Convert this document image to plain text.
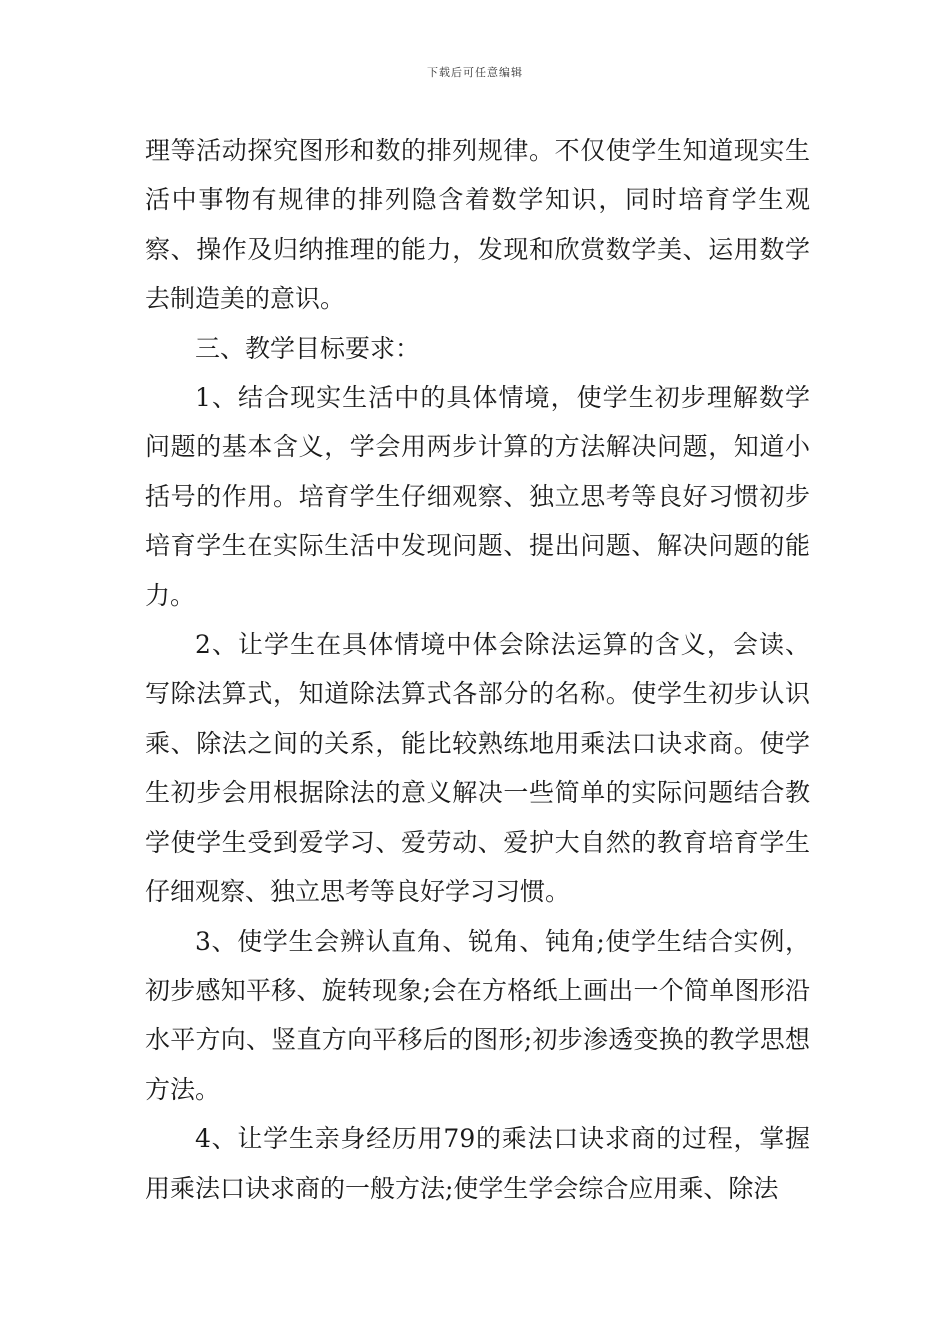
下载后可任意编辑

理等活动探究图形和数的排列规律。不仅使学生知道现实生活中事物有规律的排列隐含着数学知识，同时培育学生观察、操作及归纳推理的能力，发现和欣赏数学美、运用数学去制造美的意识。

三、教学目标要求：

1、结合现实生活中的具体情境，使学生初步理解数学问题的基本含义，学会用两步计算的方法解决问题，知道小括号的作用。培育学生仔细观察、独立思考等良好习惯初步培育学生在实际生活中发现问题、提出问题、解决问题的能力。

2、让学生在具体情境中体会除法运算的含义，会读、写除法算式，知道除法算式各部分的名称。使学生初步认识乘、除法之间的关系，能比较熟练地用乘法口诀求商。使学生初步会用根据除法的意义解决一些简单的实际问题结合教学使学生受到爱学习、爱劳动、爱护大自然的教育培育学生仔细观察、独立思考等良好学习习惯。

3、使学生会辨认直角、锐角、钝角;使学生结合实例，初步感知平移、旋转现象;会在方格纸上画出一个简单图形沿水平方向、竖直方向平移后的图形;初步渗透变换的教学思想方法。

4、让学生亲身经历用79的乘法口诀求商的过程，掌握用乘法口诀求商的一般方法;使学生学会综合应用乘、除法
